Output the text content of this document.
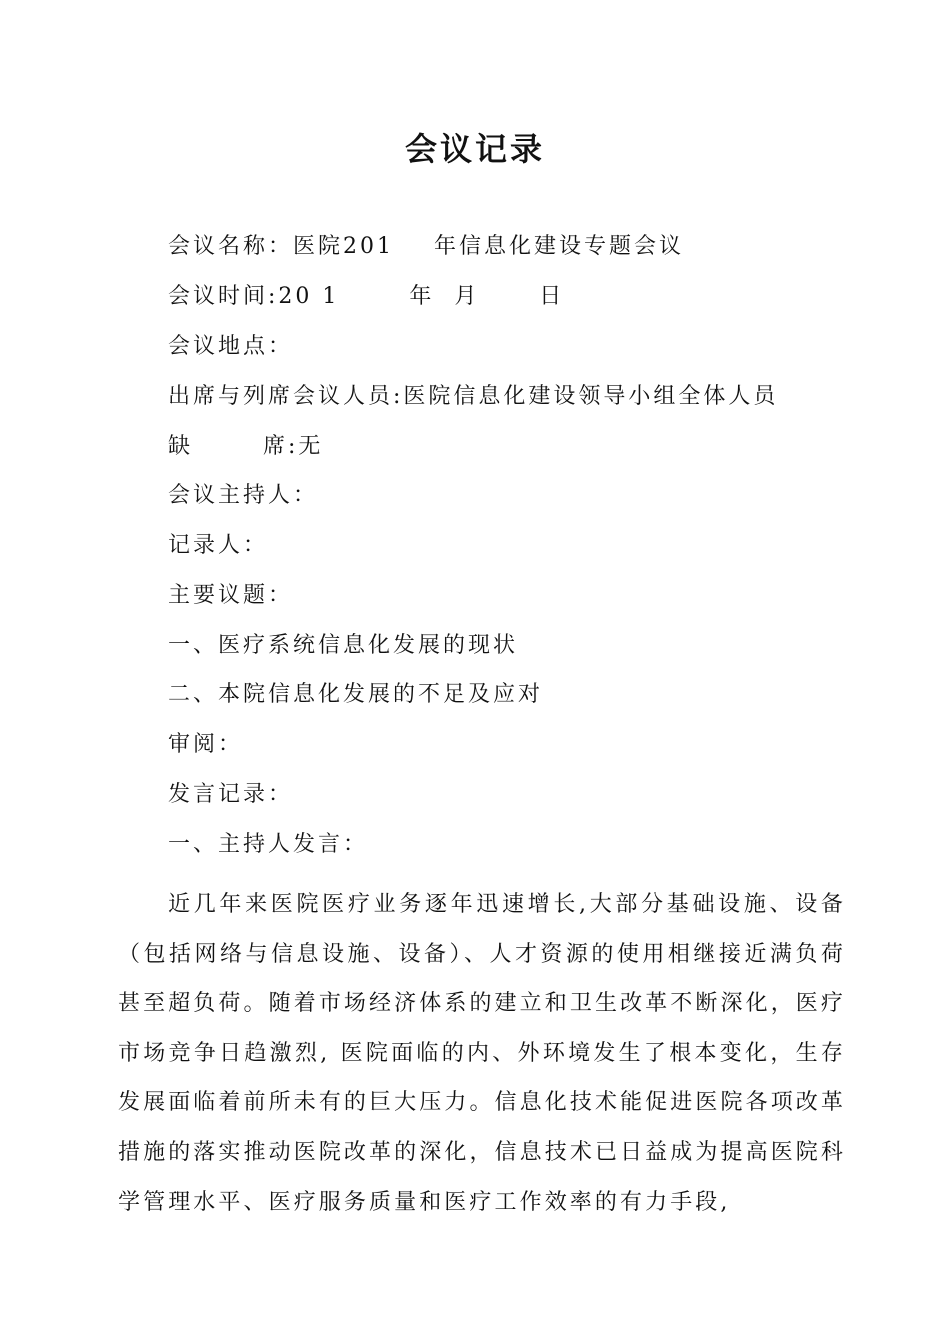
会议记录
会议名称：医院201    年信息化建设专题会议
会议时间:20 1       年  月      日
会议地点：
出席与列席会议人员:医院信息化建设领导小组全体人员
缺       席:无
会议主持人：
记录人：
主要议题：
一、医疗系统信息化发展的现状
二、本院信息化发展的不足及应对
审阅：
发言记录：
一、主持人发言：

近几年来医院医疗业务逐年迅速增长,大部分基础设施、设备（包括网络与信息设施、设备）、人才资源的使用相继接近满负荷甚至超负荷。随着市场经济体系的建立和卫生改革不断深化，医疗市场竞争日趋激烈, 医院面临的内、外环境发生了根本变化，生存发展面临着前所未有的巨大压力。信息化技术能促进医院各项改革措施的落实推动医院改革的深化，信息技术已日益成为提高医院科学管理水平、医疗服务质量和医疗工作效率的有力手段,
